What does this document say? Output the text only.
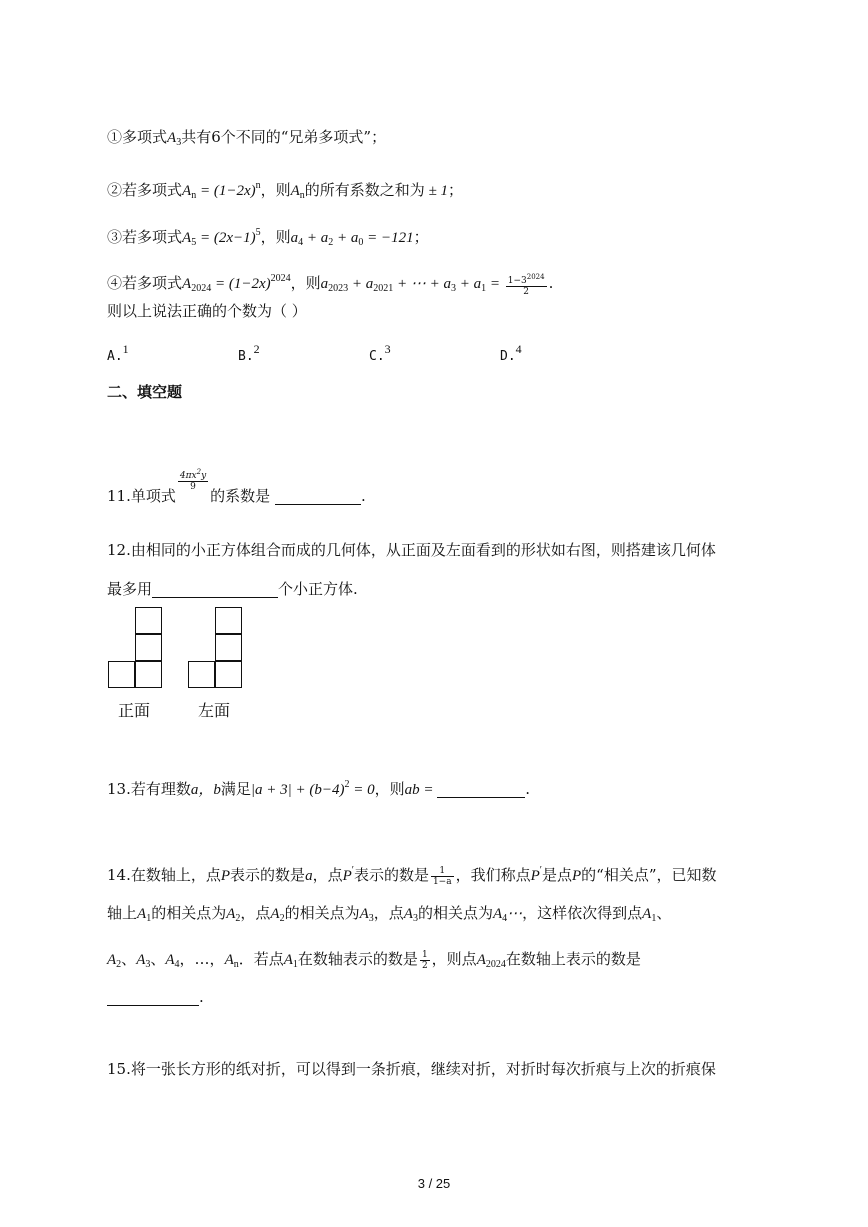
①多项式$A_3$共有6个不同的“兄弟多项式”；
②若多项式$A_n = (1-2x)^n$，则$A_n$的所有系数之和为 ± 1；
③若多项式$A_5 = (2x-1)^5$，则$a_4 + a_2 + a_0 = -121$；
④若多项式$A_{2024} = (1-2x)^{2024}$，则$a_{2023} + a_{2021}$ + ⋯ + $a_3 + a_1 = \frac{1-3^{2024}}{2}$ .
则以上说法正确的个数为（ ）
A.1	B.2	C.3	D.4
二、填空题
11.单项式
$\frac{4\pi x^2y}{9}$
的系数是	.
12.由相同的小正方体组合而成的几何体，从正面及左面看到的形状如右图，则搭建该几何体
最多用	个小正方体.
正面	左面
13.若有理数a，b满足$|a + 3| + (b-4)^2 = 0$，则ab =	.
14.在数轴上，点P表示的数是a，点P′表示的数是 $\frac{1}{1-a}$ ，我们称点P′是点P的“相关点”，已知数
轴上$A_1$的相关点为$A_2$，点$A_2$的相关点为$A_3$，点$A_3$的相关点为$A_4\cdots$，这样依次得到点$A_1$、
$A_2$、$A_3$、$A_4$，…，$A_n$．若点$A_1$在数轴表示的数是 $\frac{1}{2}$ ，则点$A_{2024}$在数轴上表示的数是
.
15.将一张长方形的纸对折，可以得到一条折痕，继续对折，对折时每次折痕与上次的折痕保
3 / 25
